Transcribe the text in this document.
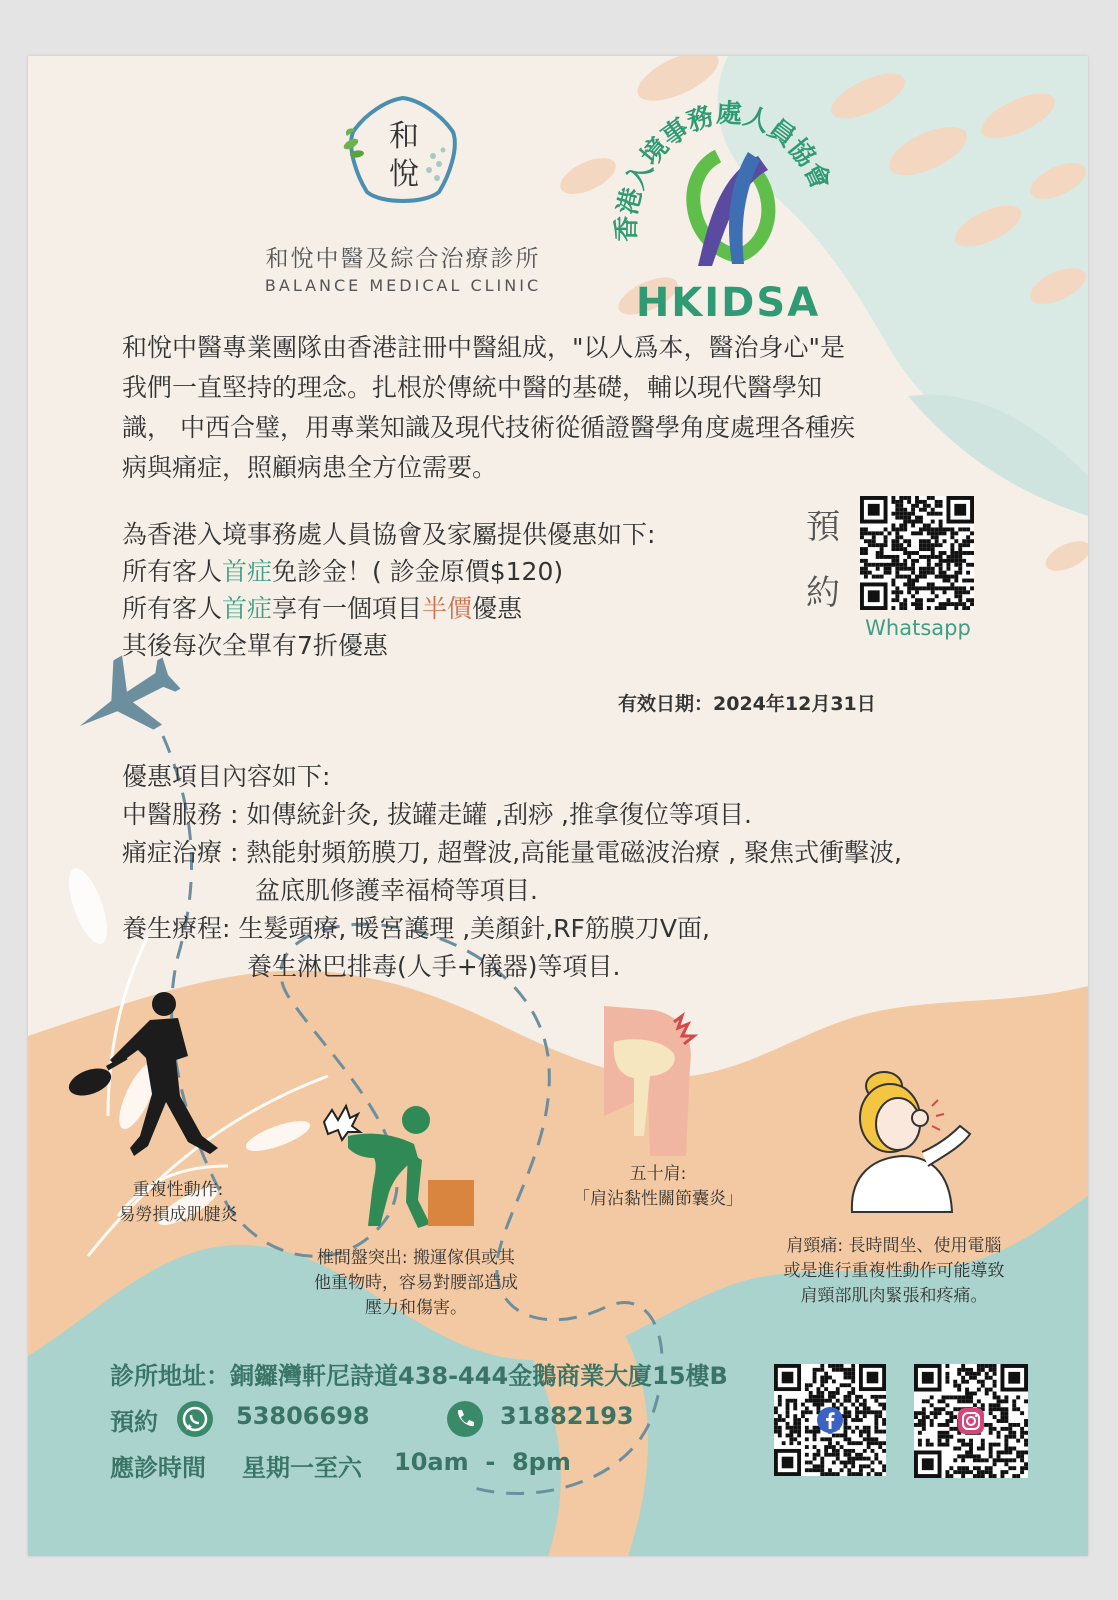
和
悅
和悅中醫及綜合治療診所
BALANCE MEDICAL CLINIC
香港入境事務處人員協會
HKIDSA
和悅中醫專業團隊由香港註冊中醫組成，"以人爲本，醫治身心"是
我們一直堅持的理念。扎根於傳統中醫的基礎，輔以現代醫學知
識， 中西合璧，用專業知識及現代技術從循證醫學角度處理各種疾
病與痛症，照顧病患全方位需要。
為香港入境事務處人員協會及家屬提供優惠如下:
所有客人首症免診金！( 診金原價$120)
所有客人首症享有一個項目半價優惠
其後每次全單有7折優惠
預
約
Whatsapp
有效日期：2024年12月31日
優惠項目內容如下:
中醫服務 : 如傳統針灸, 拔罐走罐 ,刮痧 ,推拿復位等項目.
痛症治療 : 熱能射頻筋膜刀, 超聲波,高能量電磁波治療 , 聚焦式衝擊波,
盆底肌修護幸福椅等項目.
養生療程: 生髮頭療, 暖宮護理 ,美顏針,RF筋膜刀V面,
養生淋巴排毒(人手+儀器)等項目.
重複性動作:
易勞損成肌腱炎
椎間盤突出: 搬運傢俱或其
他重物時，容易對腰部造成
壓力和傷害。
五十肩:
「肩沾黏性關節囊炎」
肩頸痛: 長時間坐、使用電腦
或是進行重複性動作可能導致
肩頸部肌肉緊張和疼痛。
診所地址：銅鑼灣軒尼詩道438-444金鵝商業大廈15樓B
預約	53806698	31882193
應診時間 星期一至六 10am  -  8pm
